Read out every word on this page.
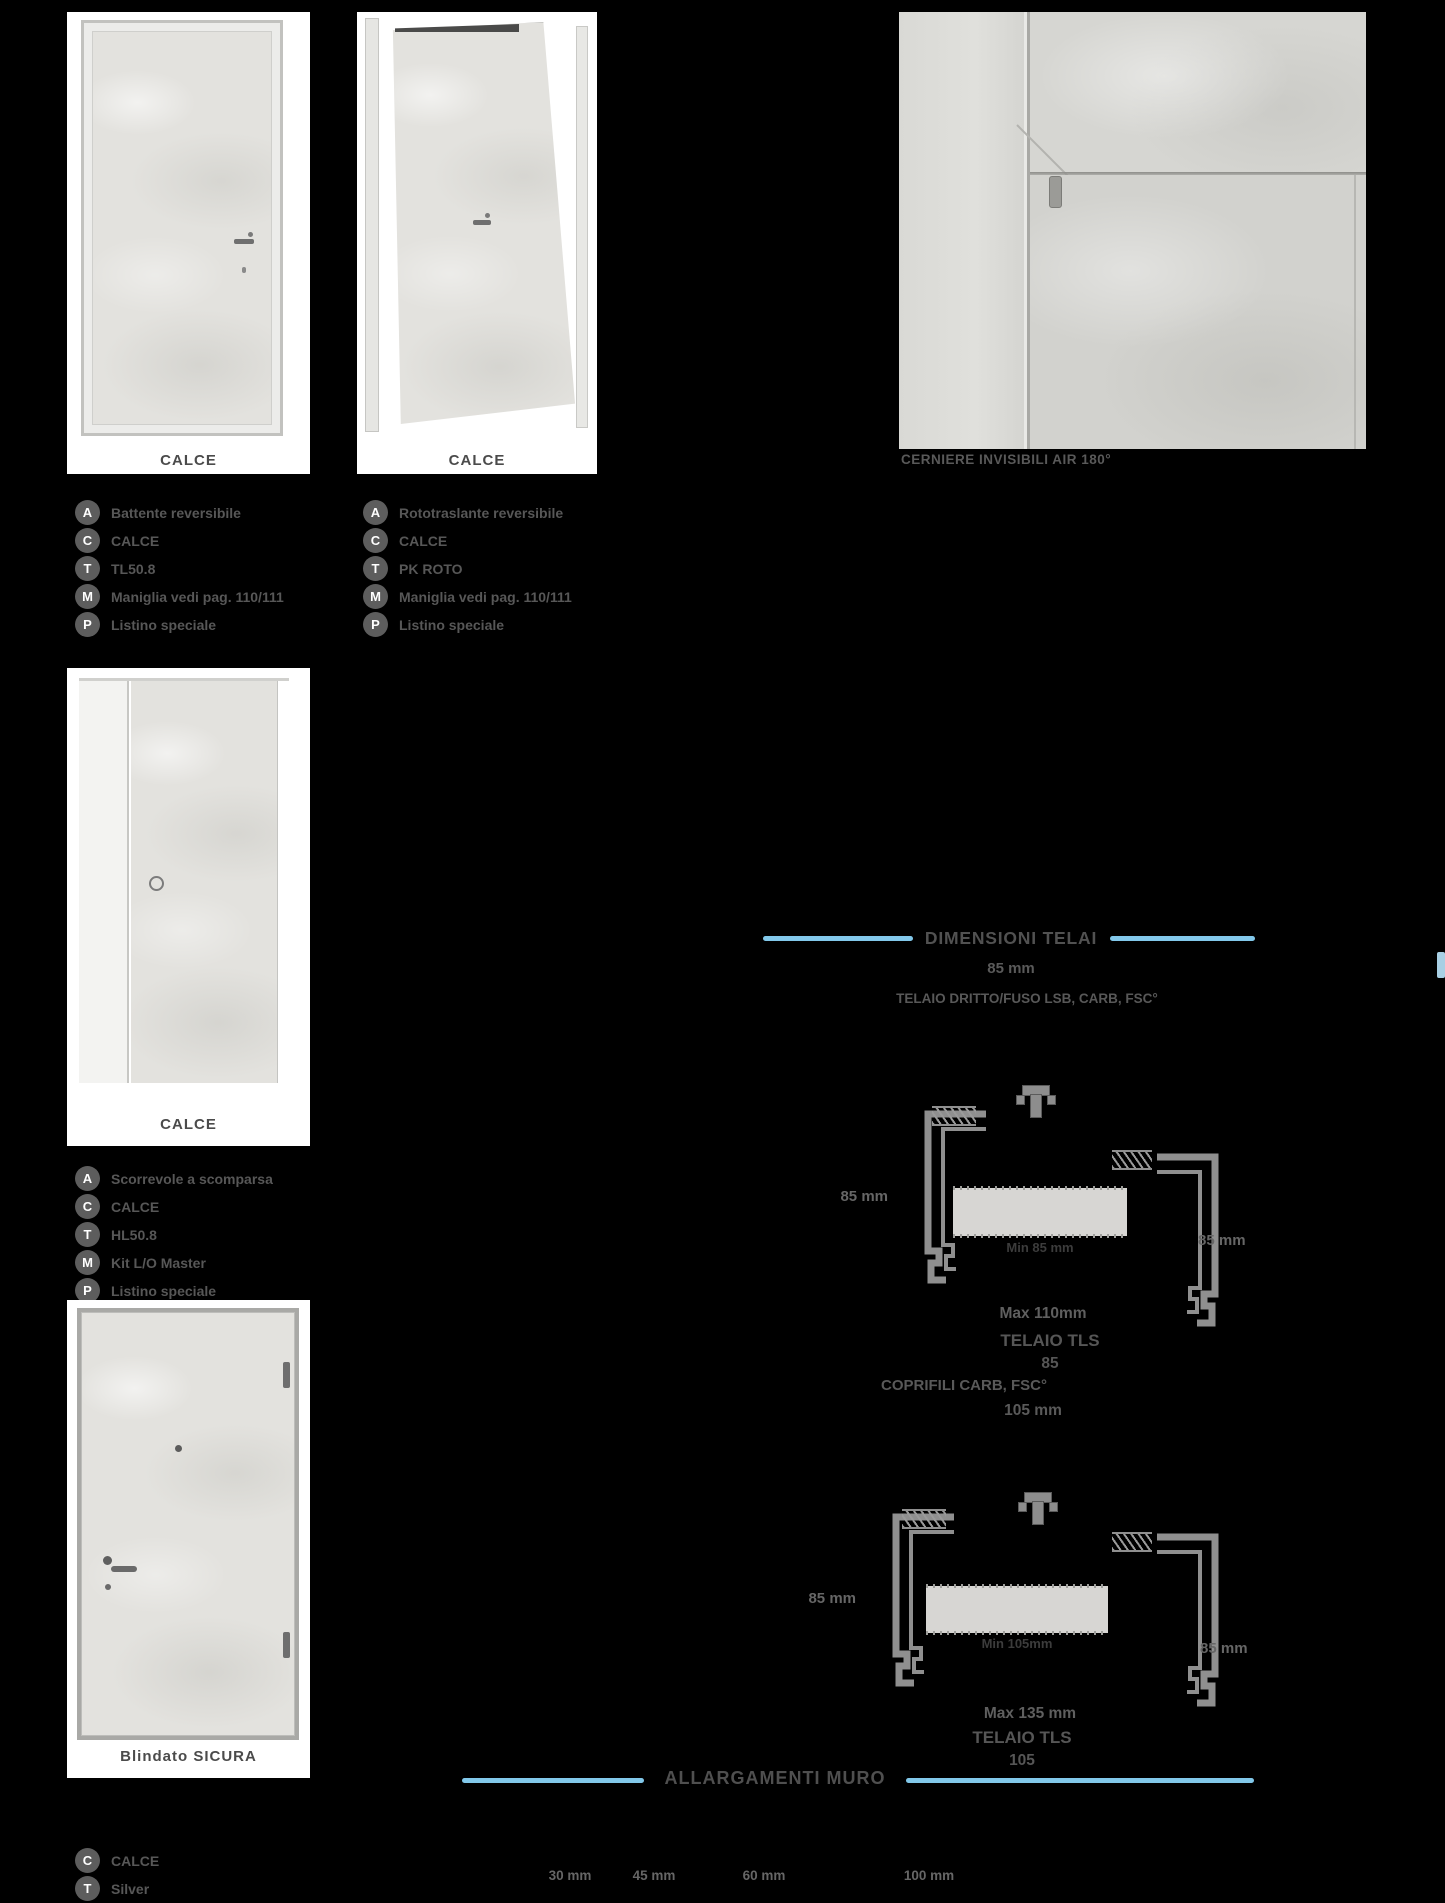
CALCE	CALCE	CERNIERE INVISIBILI AIR 180°
A	Battente reversibile
C	CALCE
T	TL50.8
M	Maniglia vedi pag. 110/111
P	Listino speciale
A	Rototraslante reversibile
C	CALCE
T	PK ROTO
M	Maniglia vedi pag. 110/111
P	Listino speciale
CALCE
A	Scorrevole a scomparsa
C	CALCE
T	HL50.8
M	Kit L/O Master
P	Listino speciale
Blindato SICURA
C	CALCE
T	Silver
DIMENSIONI TELAI
85 mm
TELAIO DRITTO/FUSO LSB, CARB, FSC°
85 mm
85 mm
Min 85 mm
Max 110mm
TELAIO TLS
85
COPRIFILI CARB, FSC°
105 mm
85 mm
85 mm
Min 105mm
Max 135 mm
TELAIO TLS
105
ALLARGAMENTI MURO
30 mm	45 mm	60 mm	100 mm
